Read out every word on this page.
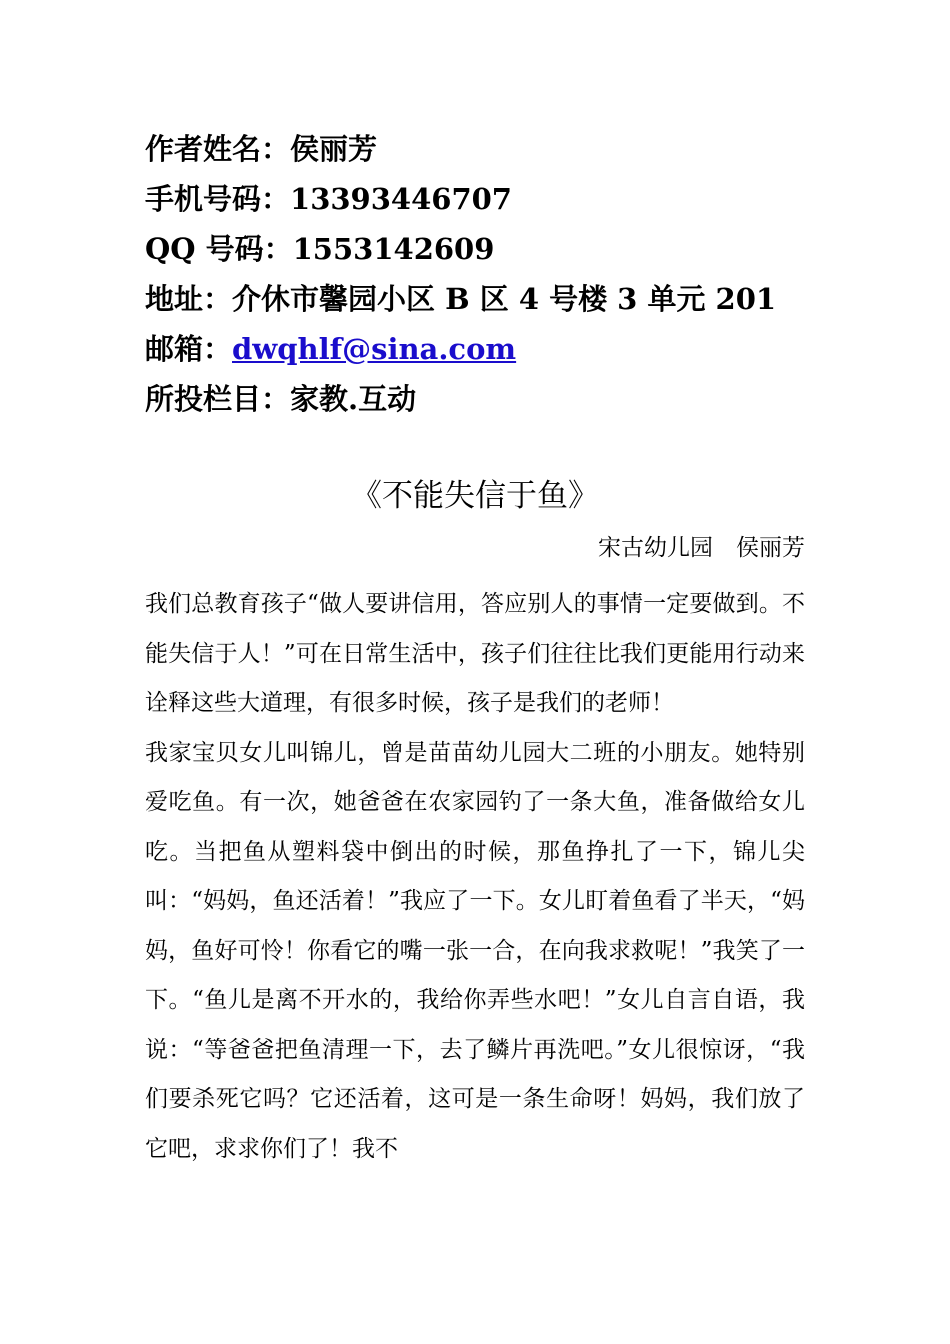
作者姓名：侯丽芳
手机号码：13393446707
QQ 号码：1553142609
地址：介休市馨园小区 B 区 4 号楼 3 单元 201
邮箱：dwqhlf@sina.com
所投栏目：家教.互动
《不能失信于鱼》
宋古幼儿园　侯丽芳

我们总教育孩子“做人要讲信用，答应别人的事情一定要做到。不能失信于人！”可在日常生活中，孩子们往往比我们更能用行动来诠释这些大道理，有很多时候，孩子是我们的老师！

我家宝贝女儿叫锦儿，曾是苗苗幼儿园大二班的小朋友。她特别爱吃鱼。有一次，她爸爸在农家园钓了一条大鱼，准备做给女儿吃。当把鱼从塑料袋中倒出的时候，那鱼挣扎了一下，锦儿尖叫：“妈妈，鱼还活着！”我应了一下。女儿盯着鱼看了半天，“妈妈，鱼好可怜！你看它的嘴一张一合，在向我求救呢！”我笑了一下。“鱼儿是离不开水的，我给你弄些水吧！”女儿自言自语，我说：“等爸爸把鱼清理一下，去了鳞片再洗吧。”女儿很惊讶，“我们要杀死它吗？它还活着，这可是一条生命呀！妈妈，我们放了它吧，求求你们了！我不
